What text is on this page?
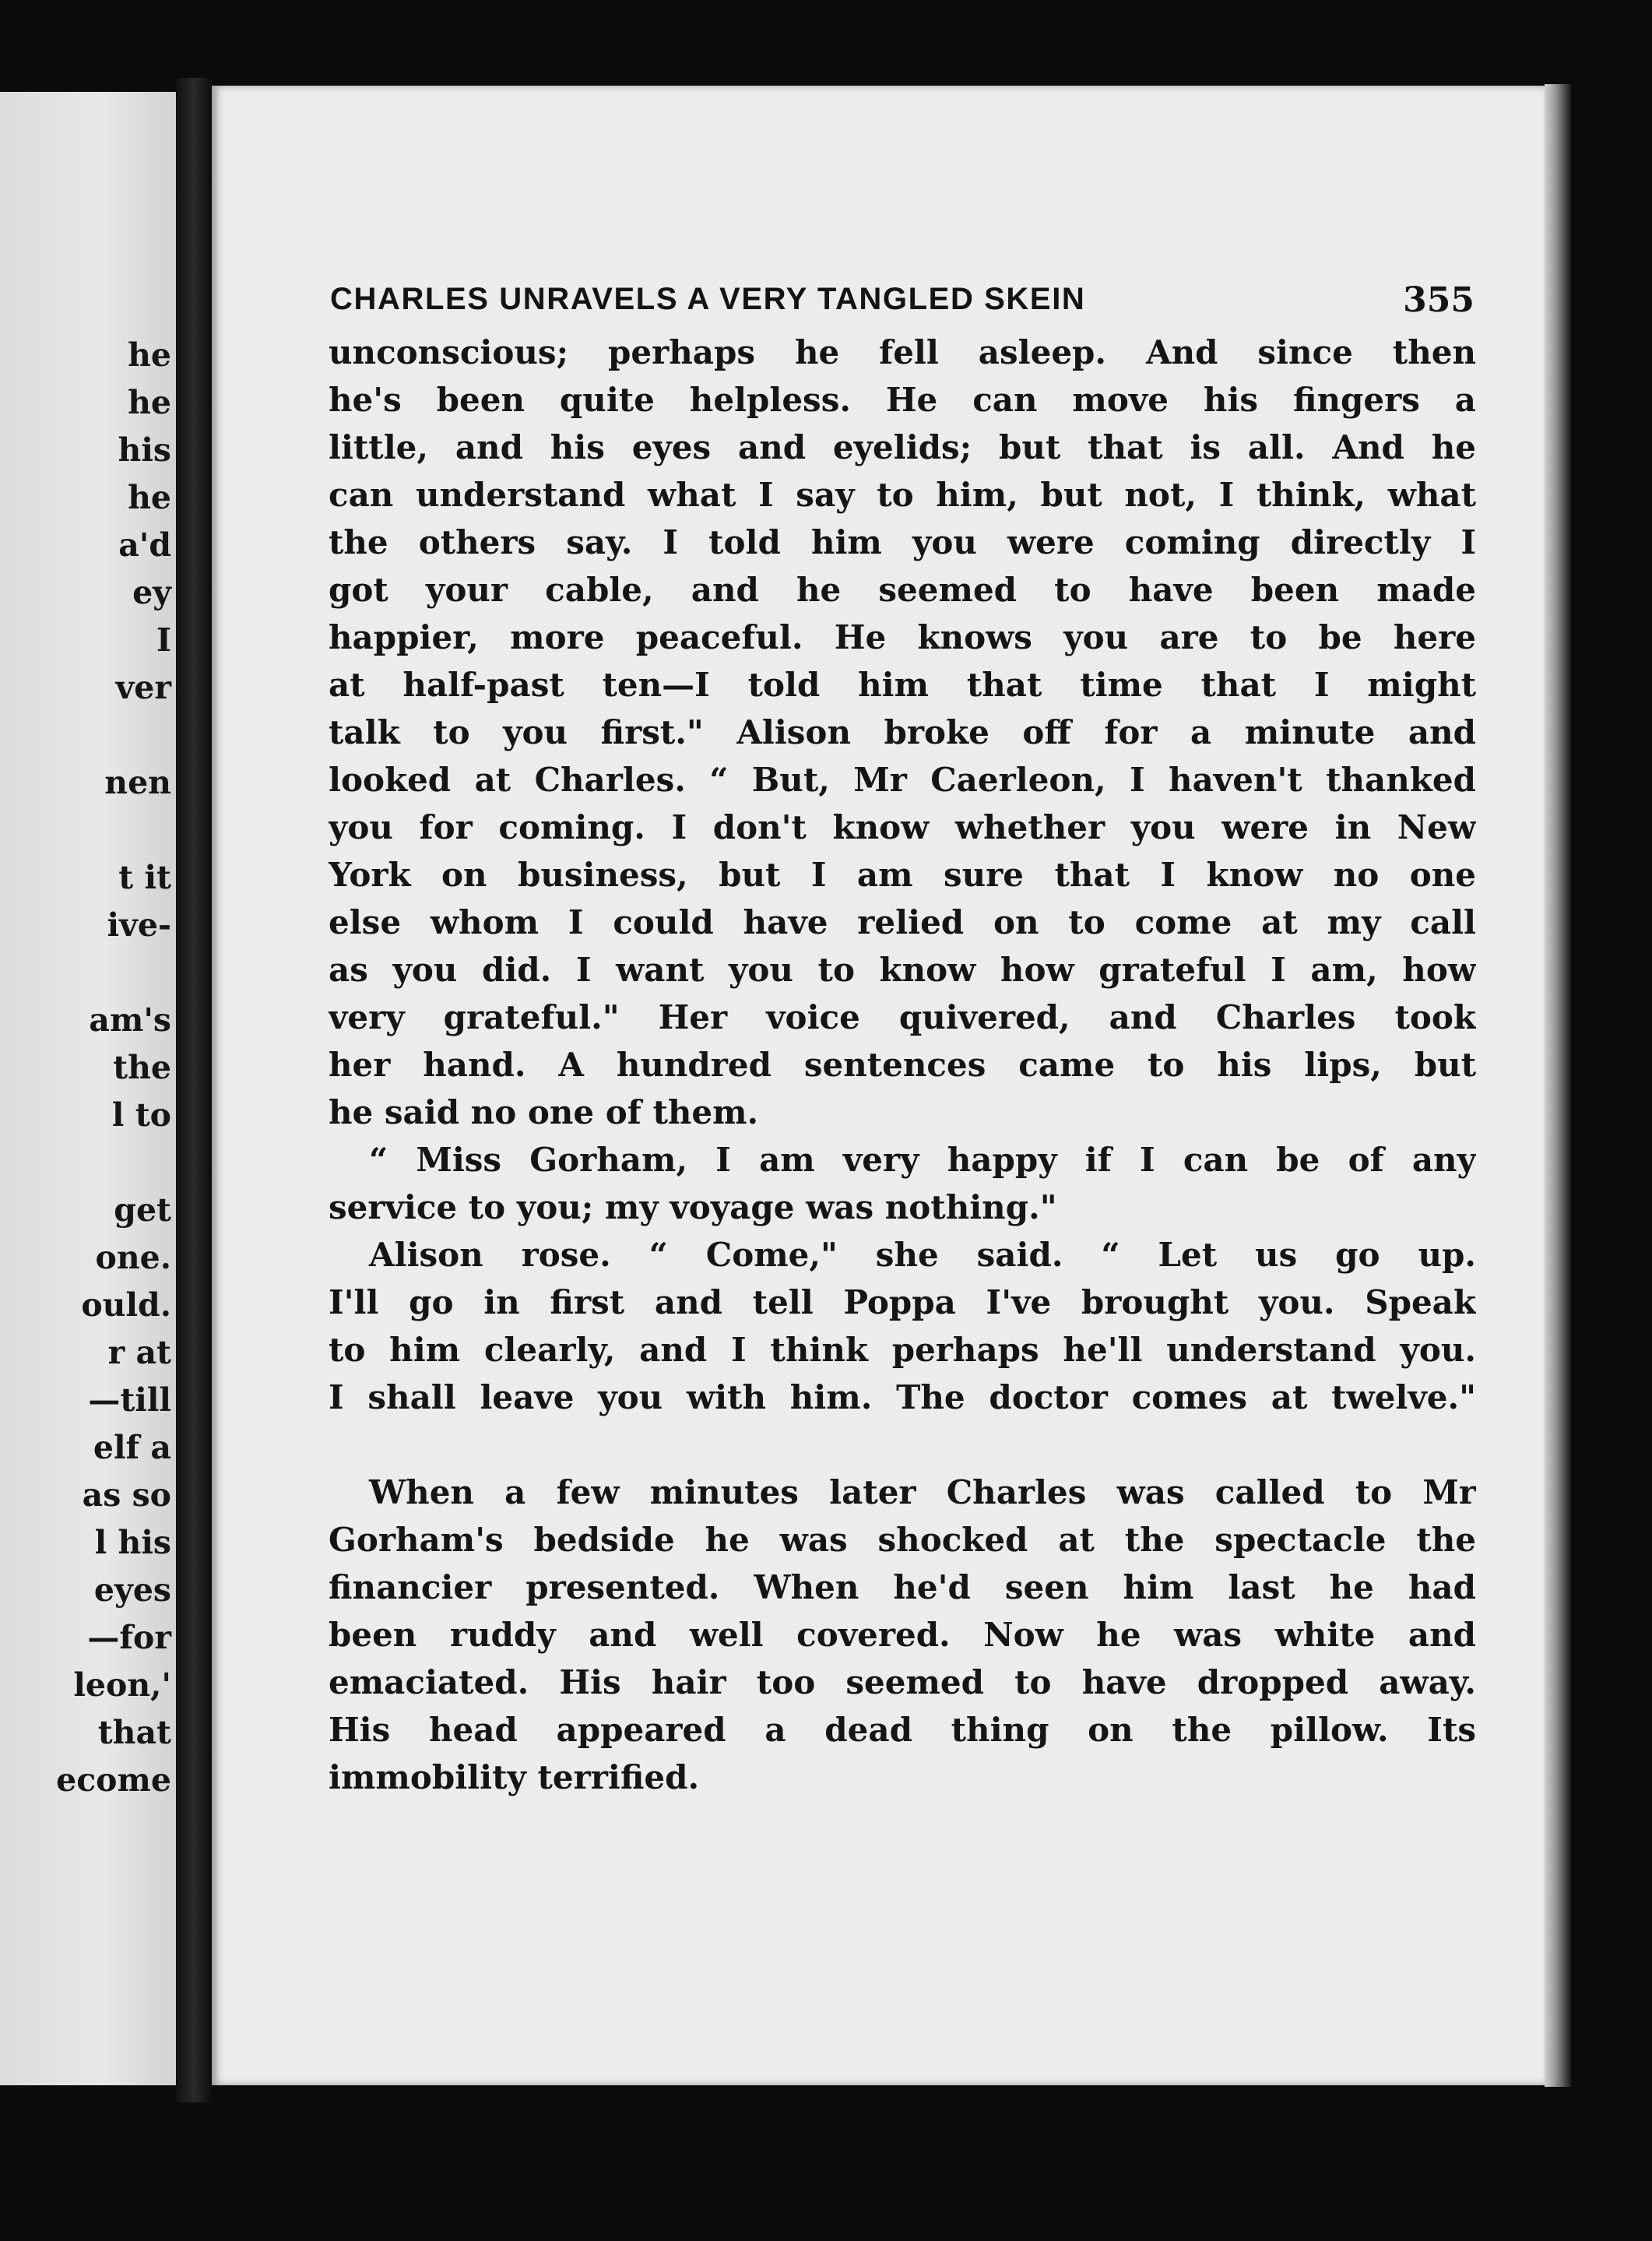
he
he
his
he
a'd
ey
I
ver
nen
t it
ive-
am's
the
l to
get
one.
ould.
r at
—till
elf a
as so
l his
eyes
—for
leon,'
that
ecome
CHARLES UNRAVELS A VERY TANGLED SKEIN	355
unconscious; perhaps he fell asleep. And since then
he's been quite helpless. He can move his fingers a
little, and his eyes and eyelids; but that is all. And he
can understand what I say to him, but not, I think, what
the others say. I told him you were coming directly I
got your cable, and he seemed to have been made
happier, more peaceful. He knows you are to be here
at half-past ten—I told him that time that I might
talk to you first." Alison broke off for a minute and
looked at Charles. “ But, Mr Caerleon, I haven't thanked
you for coming. I don't know whether you were in New
York on business, but I am sure that I know no one
else whom I could have relied on to come at my call
as you did. I want you to know how grateful I am, how
very grateful." Her voice quivered, and Charles took
her hand. A hundred sentences came to his lips, but
he said no one of them.
“ Miss Gorham, I am very happy if I can be of any
service to you; my voyage was nothing."
Alison rose. “ Come," she said. “ Let us go up.
I'll go in first and tell Poppa I've brought you. Speak
to him clearly, and I think perhaps he'll understand you.
I shall leave you with him. The doctor comes at twelve."
When a few minutes later Charles was called to Mr
Gorham's bedside he was shocked at the spectacle the
financier presented. When he'd seen him last he had
been ruddy and well covered. Now he was white and
emaciated. His hair too seemed to have dropped away.
His head appeared a dead thing on the pillow. Its
immobility terrified.
